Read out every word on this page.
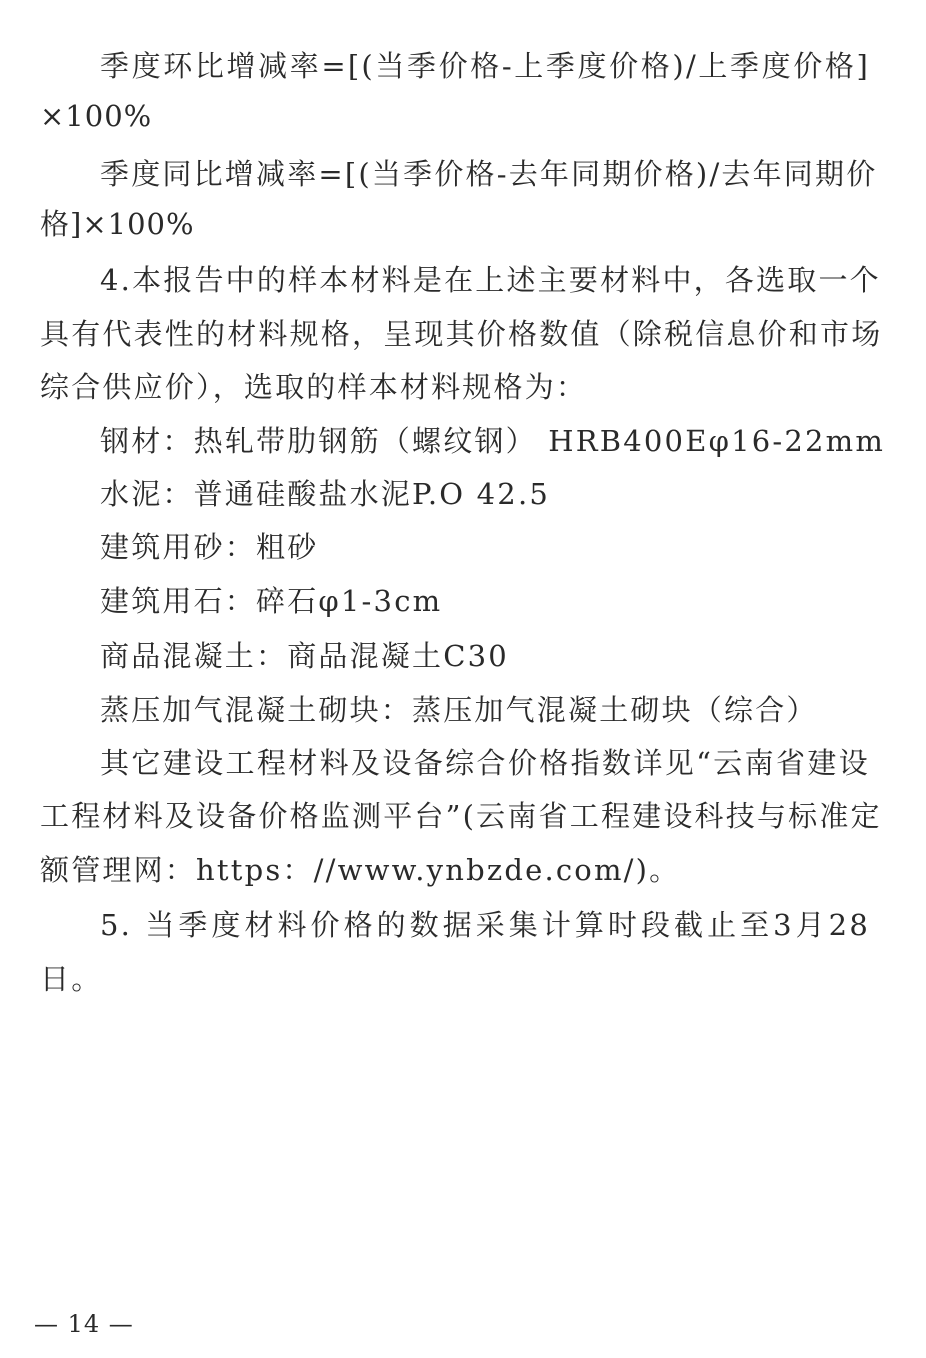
季度环比增减率=[(当季价格-上季度价格)/上季度价格]
×100%
季度同比增减率=[(当季价格-去年同期价格)/去年同期价
格]×100%
4.本报告中的样本材料是在上述主要材料中，各选取一个
具有代表性的材料规格，呈现其价格数值（除税信息价和市场
综合供应价），选取的样本材料规格为：
钢材：热轧带肋钢筋（螺纹钢） HRB400Eφ16-22mm
水泥：普通硅酸盐水泥P.O 42.5
建筑用砂：粗砂
建筑用石：碎石φ1-3cm
商品混凝土：商品混凝土C30
蒸压加气混凝土砌块：蒸压加气混凝土砌块（综合）
其它建设工程材料及设备综合价格指数详见“云南省建设
工程材料及设备价格监测平台”(云南省工程建设科技与标准定
额管理网：https：//www.ynbzde.com/)。
5. 当季度材料价格的数据采集计算时段截止至3月28
日。
— 14 —
